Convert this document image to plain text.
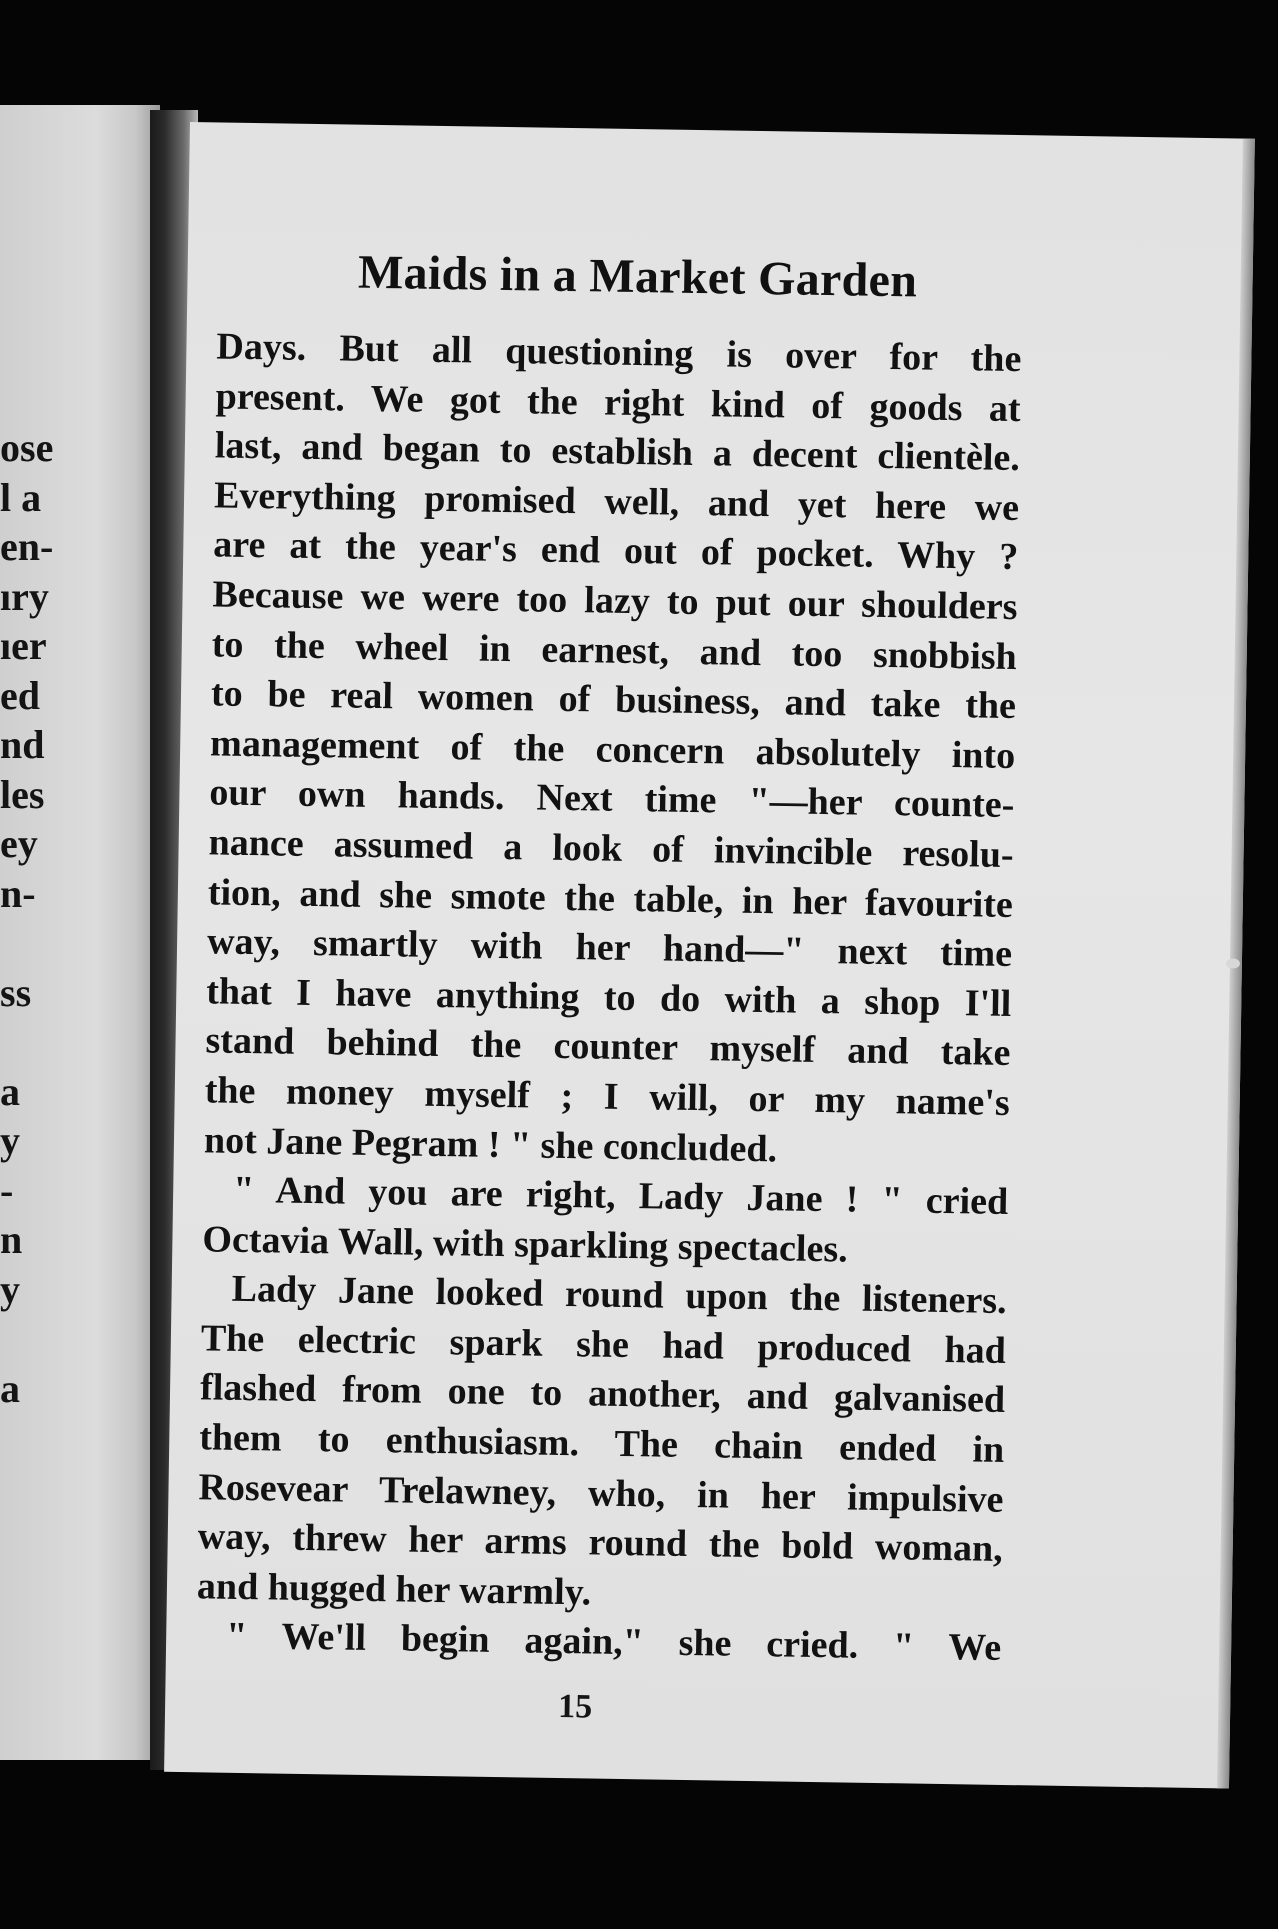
ose
l a
en-
ıry
ıer
ed
nd
les
ey
n-
ss
a
y
-
n
y
a
Maids in a Market Garden
Days. But all questioning is over for the
present. We got the right kind of goods at
last, and began to establish a decent clientèle.
Everything promised well, and yet here we
are at the year's end out of pocket. Why ?
Because we were too lazy to put our shoulders
to the wheel in earnest, and too snobbish
to be real women of business, and take the
management of the concern absolutely into
our own hands. Next time "—her counte-
nance assumed a look of invincible resolu-
tion, and she smote the table, in her favourite
way, smartly with her hand—" next time
that I have anything to do with a shop I'll
stand behind the counter myself and take
the money myself ; I will, or my name's
not Jane Pegram ! " she concluded.
" And you are right, Lady Jane ! " cried
Octavia Wall, with sparkling spectacles.
Lady Jane looked round upon the listeners.
The electric spark she had produced had
flashed from one to another, and galvanised
them to enthusiasm. The chain ended in
Rosevear Trelawney, who, in her impulsive
way, threw her arms round the bold woman,
and hugged her warmly.
" We'll begin again," she cried. " We
15
